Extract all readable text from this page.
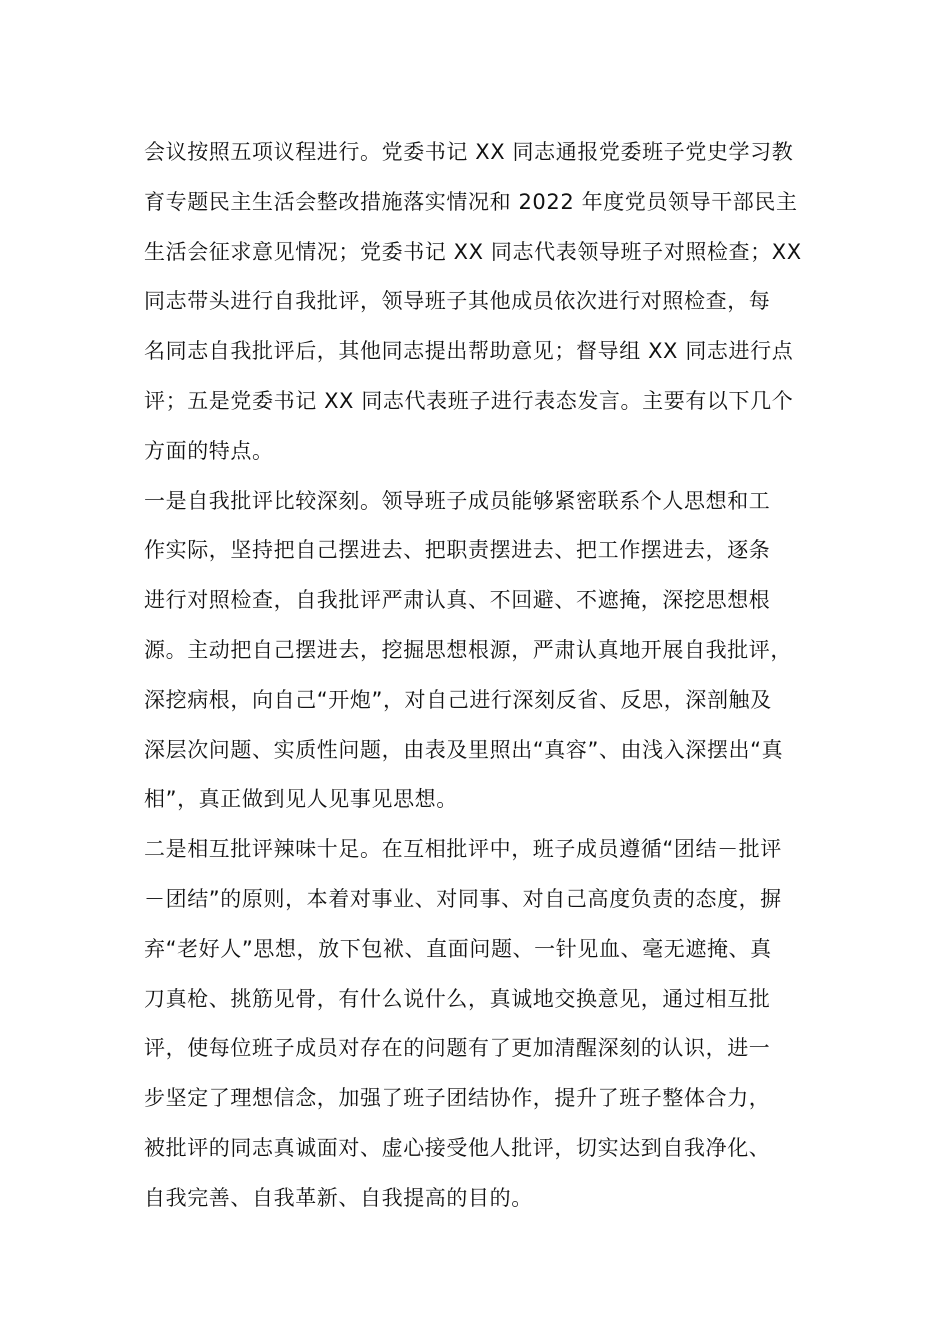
会议按照五项议程进行。党委书记 XX 同志通报党委班子党史学习教
育专题民主生活会整改措施落实情况和 2022 年度党员领导干部民主
生活会征求意见情况；党委书记 XX 同志代表领导班子对照检查；XX
同志带头进行自我批评，领导班子其他成员依次进行对照检查，每
名同志自我批评后，其他同志提出帮助意见；督导组 XX 同志进行点
评；五是党委书记 XX 同志代表班子进行表态发言。主要有以下几个
方面的特点。
一是自我批评比较深刻。领导班子成员能够紧密联系个人思想和工
作实际，坚持把自己摆进去、把职责摆进去、把工作摆进去，逐条
进行对照检查，自我批评严肃认真、不回避、不遮掩，深挖思想根
源。主动把自己摆进去，挖掘思想根源，严肃认真地开展自我批评，
深挖病根，向自己“开炮”，对自己进行深刻反省、反思，深剖触及
深层次问题、实质性问题，由表及里照出“真容”、由浅入深摆出“真
相”，真正做到见人见事见思想。
二是相互批评辣味十足。在互相批评中，班子成员遵循“团结－批评
－团结”的原则，本着对事业、对同事、对自己高度负责的态度，摒
弃“老好人”思想，放下包袱、直面问题、一针见血、毫无遮掩、真
刀真枪、挑筋见骨，有什么说什么，真诚地交换意见，通过相互批
评，使每位班子成员对存在的问题有了更加清醒深刻的认识，进一
步坚定了理想信念，加强了班子团结协作，提升了班子整体合力，
被批评的同志真诚面对、虚心接受他人批评，切实达到自我净化、
自我完善、自我革新、自我提高的目的。
